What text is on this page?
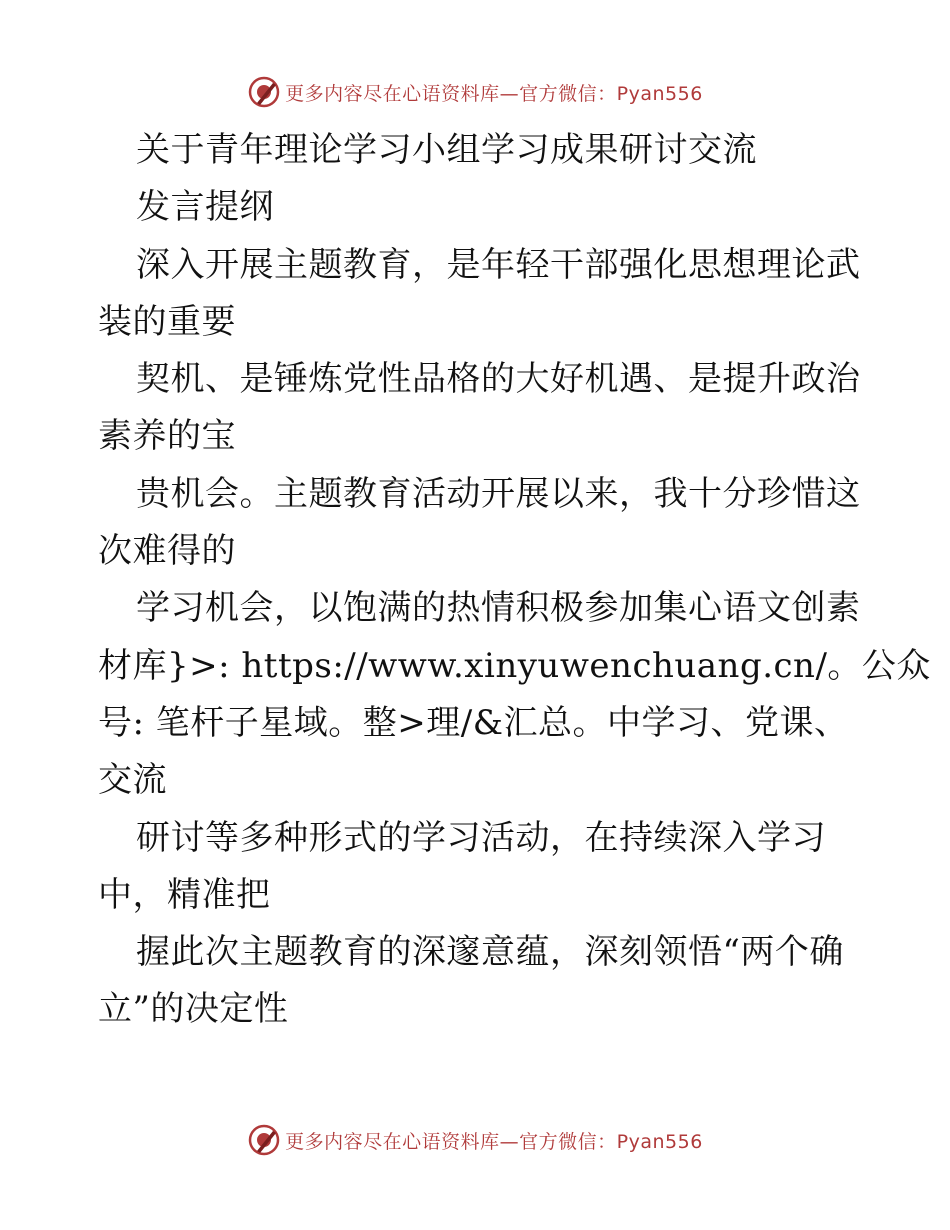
更多内容尽在心语资料库—官方微信：Pyan556
关于青年理论学习小组学习成果研讨交流
发言提纲
深入开展主题教育，是年轻干部强化思想理论武
装的重要
契机、是锤炼党性品格的大好机遇、是提升政治
素养的宝
贵机会。主题教育活动开展以来，我十分珍惜这
次难得的
学习机会，以饱满的热情积极参加集心语文创素
材库}>: https://www.xinyuwenchuang.cn/。公众
号: 笔杆子星域。整>理/&汇总。中学习、党课、
交流
研讨等多种形式的学习活动，在持续深入学习
中，精准把
握此次主题教育的深邃意蕴，深刻领悟“两个确
立”的决定性
更多内容尽在心语资料库—官方微信：Pyan556
